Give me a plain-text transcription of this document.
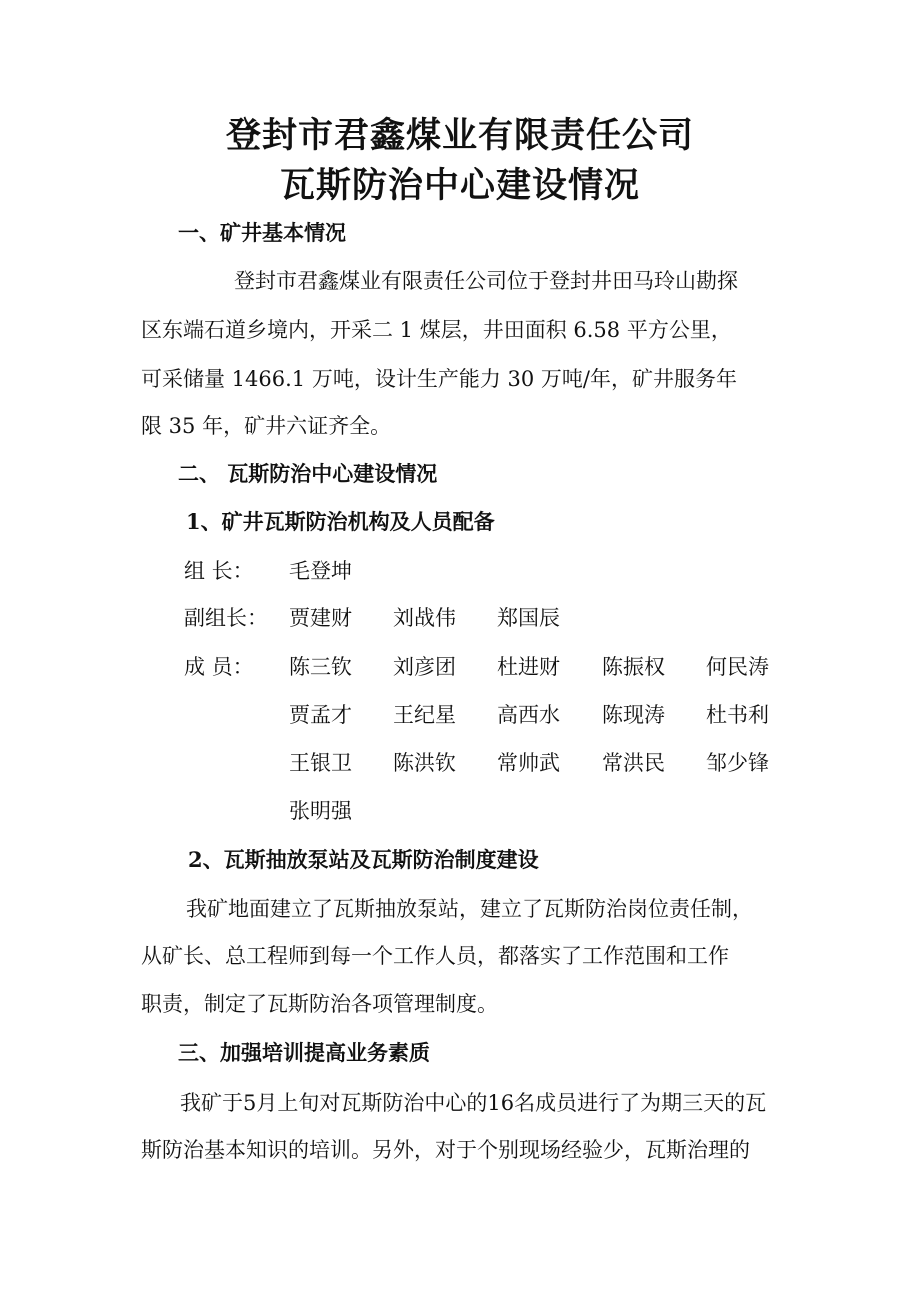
登封市君鑫煤业有限责任公司
瓦斯防治中心建设情况
一、矿井基本情况
登封市君鑫煤业有限责任公司位于登封井田马玲山勘探
区东端石道乡境内，开采二 1 煤层，井田面积 6.58 平方公里，
可采储量 1466.1 万吨，设计生产能力 30 万吨/年，矿井服务年
限 35 年，矿井六证齐全。
二、 瓦斯防治中心建设情况
1、矿井瓦斯防治机构及人员配备
组 长： 毛登坤
副组长： 贾建财 刘战伟 郑国辰
成 员： 陈三钦 刘彦团 杜进财 陈振权 何民涛
贾孟才 王纪星 高西水 陈现涛 杜书利
王银卫 陈洪钦 常帅武 常洪民 邹少锋
张明强
2、瓦斯抽放泵站及瓦斯防治制度建设
我矿地面建立了瓦斯抽放泵站，建立了瓦斯防治岗位责任制，
从矿长、总工程师到每一个工作人员，都落实了工作范围和工作
职责，制定了瓦斯防治各项管理制度。
三、加强培训提高业务素质
我矿于5月上旬对瓦斯防治中心的16名成员进行了为期三天的瓦
斯防治基本知识的培训。另外，对于个别现场经验少，瓦斯治理的
